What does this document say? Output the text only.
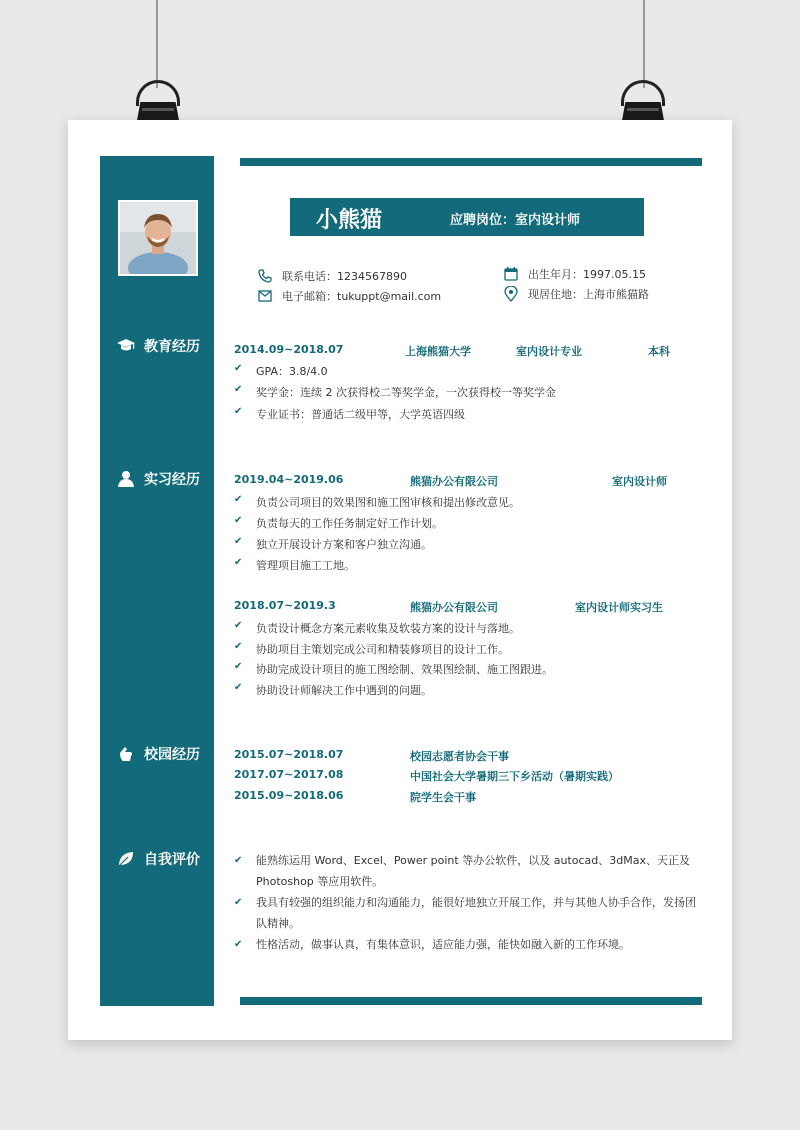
教育经历
实习经历
校园经历
自我评价
小熊猫	应聘岗位：室内设计师
联系电话：1234567890
电子邮箱：tukuppt@mail.com
出生年月：1997.05.15
现居住地：上海市熊猫路
2014.09~2018.07	上海熊猫大学	室内设计专业	本科
✔	GPA：3.8/4.0
✔	奖学金：连续 2 次获得校二等奖学金，一次获得校一等奖学金
✔	专业证书：普通话二级甲等，大学英语四级
2019.04~2019.06	熊猫办公有限公司	室内设计师
✔	负责公司项目的效果图和施工图审核和提出修改意见。
✔	负责每天的工作任务制定好工作计划。
✔	独立开展设计方案和客户独立沟通。
✔	管理项目施工工地。
2018.07~2019.3	熊猫办公有限公司	室内设计师实习生
✔	负责设计概念方案元素收集及软装方案的设计与落地。
✔	协助项目主策划完成公司和精装修项目的设计工作。
✔	协助完成设计项目的施工图绘制、效果图绘制、施工图跟进。
✔	协助设计师解决工作中遇到的问题。
2015.07~2018.07	校园志愿者协会干事
2017.07~2017.08	中国社会大学暑期三下乡活动（暑期实践）
2015.09~2018.06	院学生会干事
✔	能熟练运用 Word、Excel、Power point 等办公软件，以及 autocad、3dMax、天正及 Photoshop 等应用软件。
✔	我具有较强的组织能力和沟通能力，能很好地独立开展工作，并与其他人协手合作，发扬团队精神。
✔	性格活动，做事认真，有集体意识，适应能力强，能快如融入新的工作环境。
